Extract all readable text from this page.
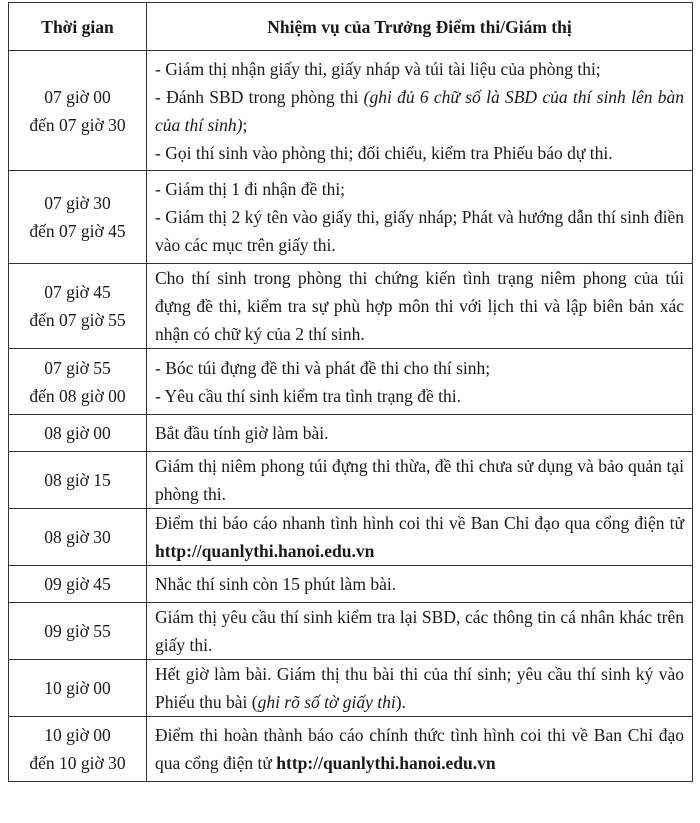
Thời gian	Nhiệm vụ của Trưởng Điểm thi/Giám thị

07 giờ 00
đến 07 giờ 30	- Giám thị nhận giấy thi, giấy nháp và túi tài liệu của phòng thi;
- Đánh SBD trong phòng thi (ghi đủ 6 chữ số là SBD của thí sinh lên bàn của thí sinh);
- Gọi thí sinh vào phòng thi; đối chiếu, kiểm tra Phiếu báo dự thi.

07 giờ 30
đến 07 giờ 45	- Giám thị 1 đi nhận đề thi;
- Giám thị 2 ký tên vào giấy thi, giấy nháp; Phát và hướng dẫn thí sinh điền vào các mục trên giấy thi.

07 giờ 45
đến 07 giờ 55	Cho thí sinh trong phòng thi chứng kiến tình trạng niêm phong của túi đựng đề thi, kiểm tra sự phù hợp môn thi với lịch thi và lập biên bản xác nhận có chữ ký của 2 thí sinh.

07 giờ 55
đến 08 giờ 00	- Bóc túi đựng đề thi và phát đề thi cho thí sinh;
- Yêu cầu thí sinh kiểm tra tình trạng đề thi.

08 giờ 00	Bắt đầu tính giờ làm bài.

08 giờ 15	Giám thị niêm phong túi đựng thi thừa, đề thi chưa sử dụng và bảo quản tại phòng thi.

08 giờ 30	Điểm thi báo cáo nhanh tình hình coi thi về Ban Chỉ đạo qua cổng điện tử http://quanlythi.hanoi.edu.vn

09 giờ 45	Nhắc thí sinh còn 15 phút làm bài.

09 giờ 55	Giám thị yêu cầu thí sinh kiểm tra lại SBD, các thông tin cá nhân khác trên giấy thi.

10 giờ 00	Hết giờ làm bài. Giám thị thu bài thi của thí sinh; yêu cầu thí sinh ký vào Phiếu thu bài (ghi rõ số tờ giấy thi).

10 giờ 00
đến 10 giờ 30	Điểm thi hoàn thành báo cáo chính thức tình hình coi thi về Ban Chỉ đạo qua cổng điện tử http://quanlythi.hanoi.edu.vn
